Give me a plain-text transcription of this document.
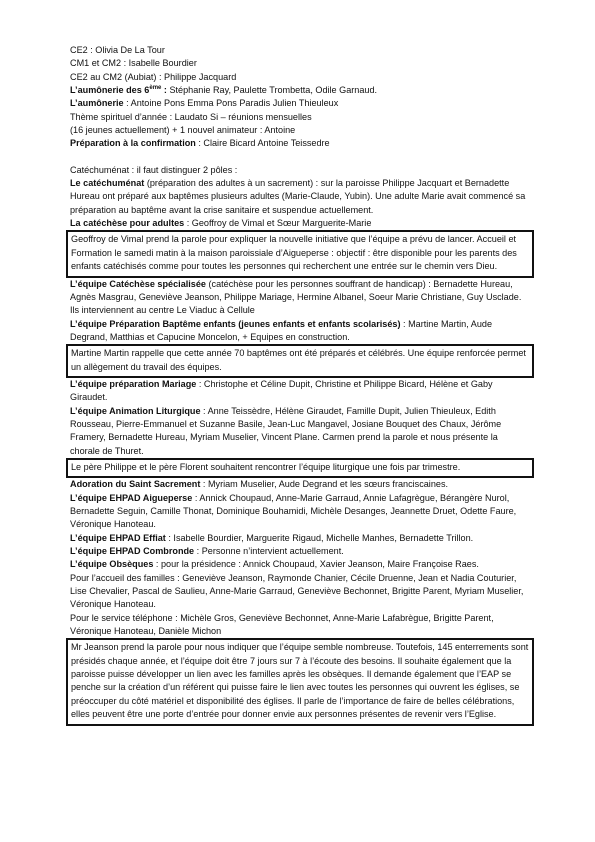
CE2 : Olivia De La Tour

CM1 et CM2 : Isabelle Bourdier

CE2 au CM2 (Aubiat) : Philippe Jacquard

L’aumônerie des 6ème : Stéphanie Ray, Paulette Trombetta, Odile Garnaud.

L’aumônerie : Antoine Pons Emma Pons Paradis Julien Thieuleux

Thème spirituel d’année : Laudato Si – réunions mensuelles

(16 jeunes actuellement) + 1 nouvel animateur : Antoine

Préparation à la confirmation : Claire Bicard Antoine Teissedre

Catéchuménat : il faut distinguer 2 pôles :

Le catéchuménat (préparation des adultes à un sacrement) : sur la paroisse Philippe Jacquart et Bernadette Hureau ont préparé aux baptêmes plusieurs adultes (Marie-Claude, Yubin). Une adulte Marie avait commencé sa préparation au baptême avant la crise sanitaire et suspendue actuellement.

La catéchèse pour adultes : Geoffroy de Vimal et Sœur Marguerite-Marie

Geoffroy de Vimal prend la parole pour expliquer la nouvelle initiative que l’équipe a prévu de lancer. Accueil et Formation le samedi matin à la maison paroissiale d’Aigueperse : objectif : être disponible pour les parents des enfants catéchisés comme pour toutes les personnes qui recherchent une entrée sur le chemin vers Dieu.

L’équipe Catéchèse spécialisée (catéchèse pour les personnes souffrant de handicap) : Bernadette Hureau, Agnès Masgrau, Geneviève Jeanson, Philippe Mariage, Hermine Albanel, Soeur Marie Christiane, Guy Usclade. Ils interviennent au centre Le Viaduc à Cellule

L’équipe Préparation Baptême enfants (jeunes enfants et enfants scolarisés) : Martine Martin, Aude Degrand, Matthias et Capucine Moncelon, + Equipes en construction.

Martine Martin rappelle que cette année 70 baptêmes ont été préparés et célébrés. Une équipe renforcée permet un allègement du travail des équipes.

L’équipe préparation Mariage : Christophe et Céline Dupit, Christine et Philippe Bicard, Hélène et Gaby Giraudet.

L’équipe Animation Liturgique : Anne Teissèdre, Hélène Giraudet, Famille Dupit, Julien Thieuleux, Edith Rousseau, Pierre-Emmanuel et Suzanne Basile, Jean-Luc Mangavel, Josiane Bouquet des Chaux, Jérôme Framery, Bernadette Hureau, Myriam Muselier, Vincent Plane. Carmen prend la parole et nous présente la chorale de Thuret.

Le père Philippe et le père Florent souhaitent rencontrer l’équipe liturgique une fois par trimestre.

Adoration du Saint Sacrement : Myriam Muselier, Aude Degrand et les sœurs franciscaines.

L’équipe EHPAD Aigueperse : Annick Choupaud, Anne-Marie Garraud, Annie Lafagrègue, Bérangère Nurol, Bernadette Seguin, Camille Thonat, Dominique Bouhamidi, Michèle Desanges, Jeannette Druet, Odette Faure, Véronique Hanoteau.

L’équipe EHPAD Effiat : Isabelle Bourdier, Marguerite Rigaud, Michelle Manhes, Bernadette Trillon.

L’équipe EHPAD Combronde : Personne n’intervient actuellement.

L’équipe Obsèques : pour la présidence : Annick Choupaud, Xavier Jeanson, Maire Françoise Raes.

Pour l’accueil des familles : Geneviève Jeanson, Raymonde Chanier, Cécile Druenne, Jean et Nadia Couturier, Lise Chevalier, Pascal de Saulieu, Anne-Marie Garraud, Geneviève Bechonnet, Brigitte Parent, Myriam Muselier, Véronique Hanoteau.

Pour le service téléphone : Michèle Gros, Geneviève Bechonnet, Anne-Marie Lafabrègue, Brigitte Parent, Véronique Hanoteau, Danièle Michon

Mr Jeanson prend la parole pour nous indiquer que l’équipe semble nombreuse. Toutefois, 145 enterrements sont présidés chaque année, et l’équipe doit être 7 jours sur 7 à l’écoute des besoins. Il souhaite également que la paroisse puisse développer un lien avec les familles après les obsèques. Il demande également que l’EAP se penche sur la création d’un référent qui puisse faire le lien avec toutes les personnes qui ouvrent les églises, se préoccuper du côté matériel et disponibilité des églises. Il parle de l’importance de faire de belles célébrations, elles peuvent être une porte d’entrée pour donner envie aux personnes présentes de revenir vers l’Eglise.
